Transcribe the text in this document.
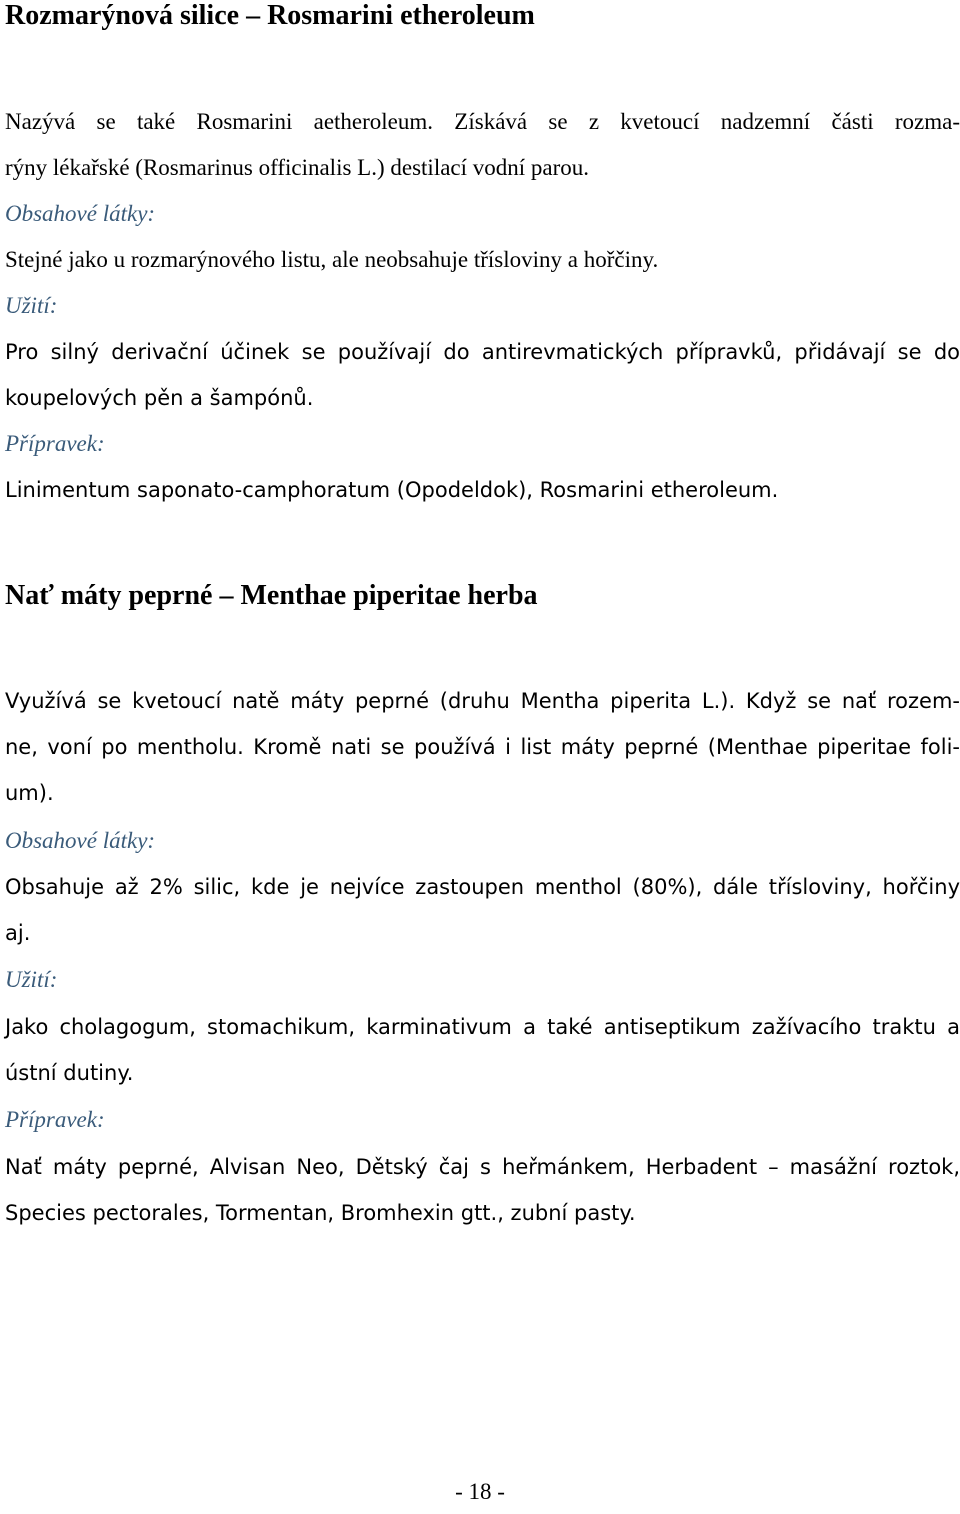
Rozmarýnová silice – Rosmarini etheroleum
Nazývá se také Rosmarini aetheroleum. Získává se z kvetoucí nadzemní části rozma-
rýny lékařské (Rosmarinus officinalis L.) destilací vodní parou.
Obsahové látky:
Stejné jako u rozmarýnového listu, ale neobsahuje třísloviny a hořčiny.
Užití:
Pro silný derivační účinek se používají do antirevmatických přípravků, přidávají se do
koupelových pěn a šampónů.
Přípravek:
Linimentum saponato-camphoratum (Opodeldok), Rosmarini etheroleum.
Nať máty peprné – Menthae piperitae herba
Využívá se kvetoucí natě máty peprné (druhu Mentha piperita L.). Když se nať rozem-
ne, voní po mentholu. Kromě nati se používá i list máty peprné (Menthae piperitae foli-
um).
Obsahové látky:
Obsahuje až 2% silic, kde je nejvíce zastoupen menthol (80%), dále třísloviny, hořčiny
aj.
Užití:
Jako cholagogum, stomachikum, karminativum a také antiseptikum zažívacího traktu a
ústní dutiny.
Přípravek:
Nať máty peprné, Alvisan Neo, Dětský čaj s heřmánkem, Herbadent – masážní roztok,
Species pectorales, Tormentan, Bromhexin gtt., zubní pasty.
- 18 -
